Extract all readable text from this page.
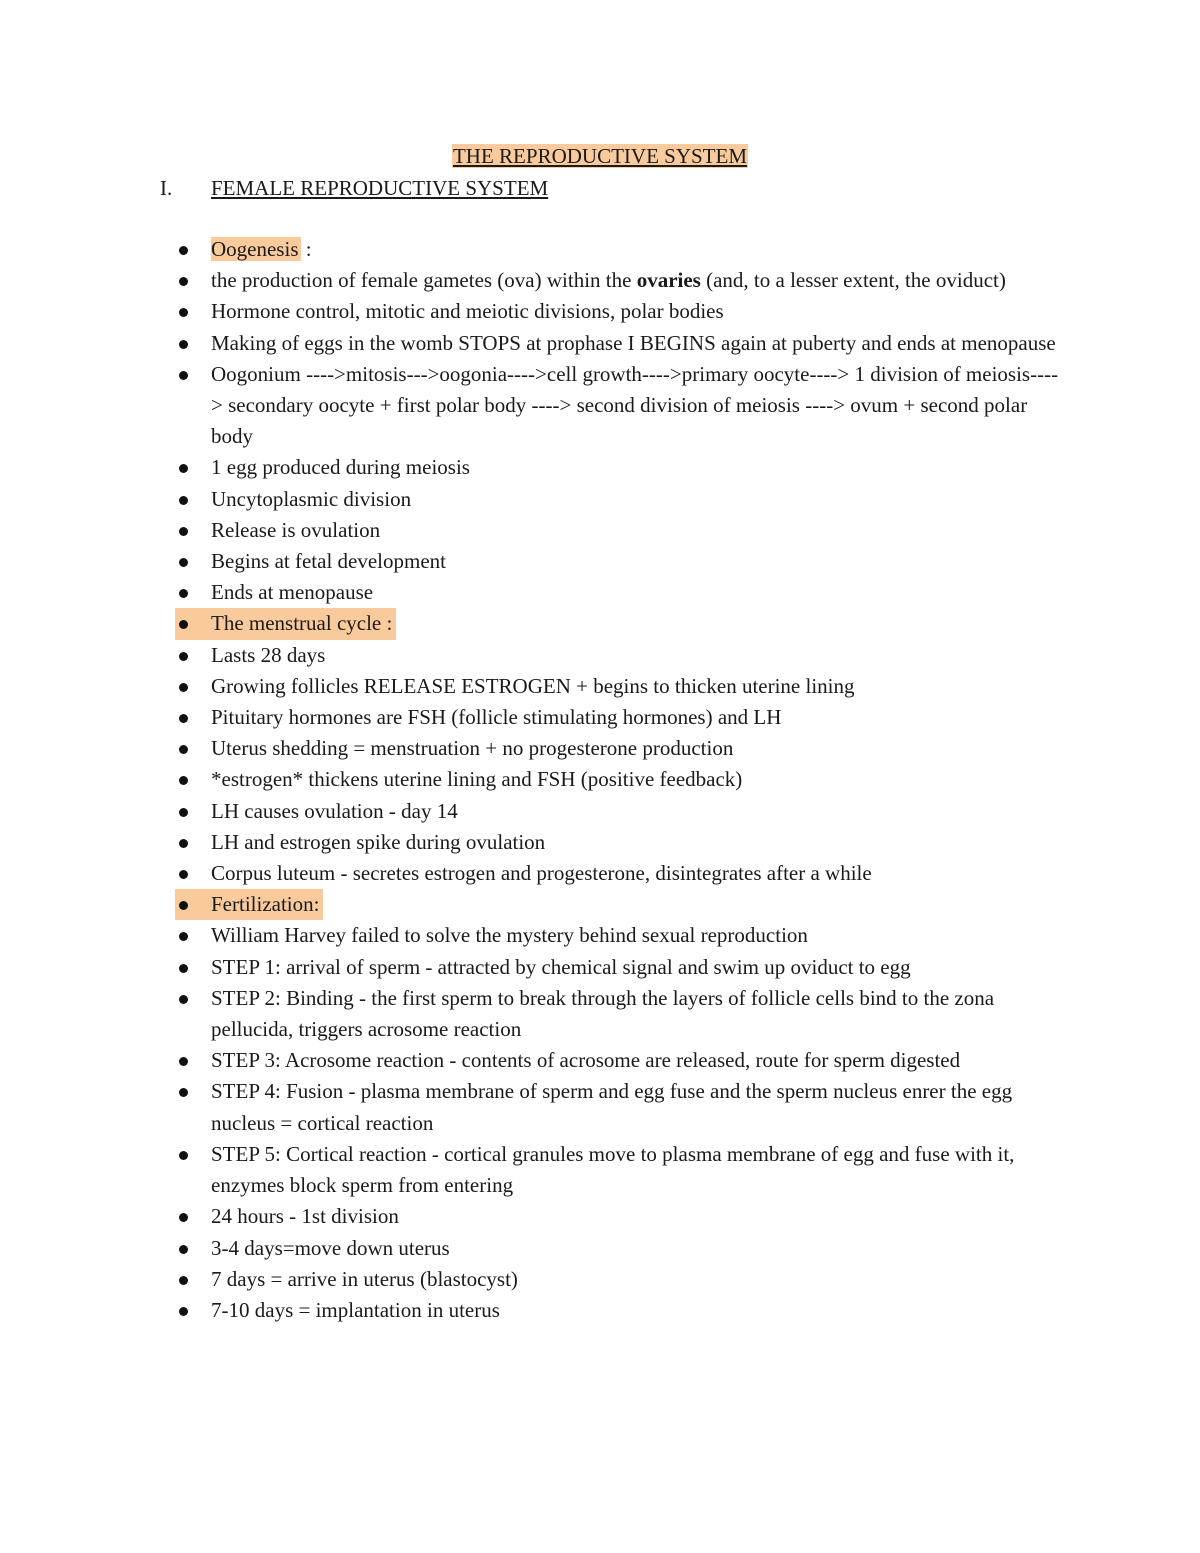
THE REPRODUCTIVE SYSTEM
I. FEMALE REPRODUCTIVE SYSTEM
Oogenesis :
the production of female gametes (ova) within the ovaries (and, to a lesser extent, the oviduct)
Hormone control, mitotic and meiotic divisions, polar bodies
Making of eggs in the womb STOPS at prophase I BEGINS again at puberty and ends at menopause
Oogonium ---->mitosis--->oogonia---->cell growth---->primary oocyte----> 1 division of meiosis----> secondary oocyte + first polar body ----> second division of meiosis ----> ovum + second polar body
1 egg produced during meiosis
Uncytoplasmic division
Release is ovulation
Begins at fetal development
Ends at menopause
The menstrual cycle :
Lasts 28 days
Growing follicles RELEASE ESTROGEN + begins to thicken uterine lining
Pituitary hormones are FSH (follicle stimulating hormones) and LH
Uterus shedding = menstruation + no progesterone production
*estrogen* thickens uterine lining and FSH (positive feedback)
LH causes ovulation - day 14
LH and estrogen spike during ovulation
Corpus luteum - secretes estrogen and progesterone, disintegrates after a while
Fertilization:
William Harvey failed to solve the mystery behind sexual reproduction
STEP 1: arrival of sperm - attracted by chemical signal and swim up oviduct to egg
STEP 2: Binding - the first sperm to break through the layers of follicle cells bind to the zona pellucida, triggers acrosome reaction
STEP 3: Acrosome reaction - contents of acrosome are released, route for sperm digested
STEP 4: Fusion - plasma membrane of sperm and egg fuse and the sperm nucleus enrer the egg nucleus = cortical reaction
STEP 5: Cortical reaction - cortical granules move to plasma membrane of egg and fuse with it, enzymes block sperm from entering
24 hours - 1st division
3-4 days=move down uterus
7 days = arrive in uterus (blastocyst)
7-10 days = implantation in uterus
